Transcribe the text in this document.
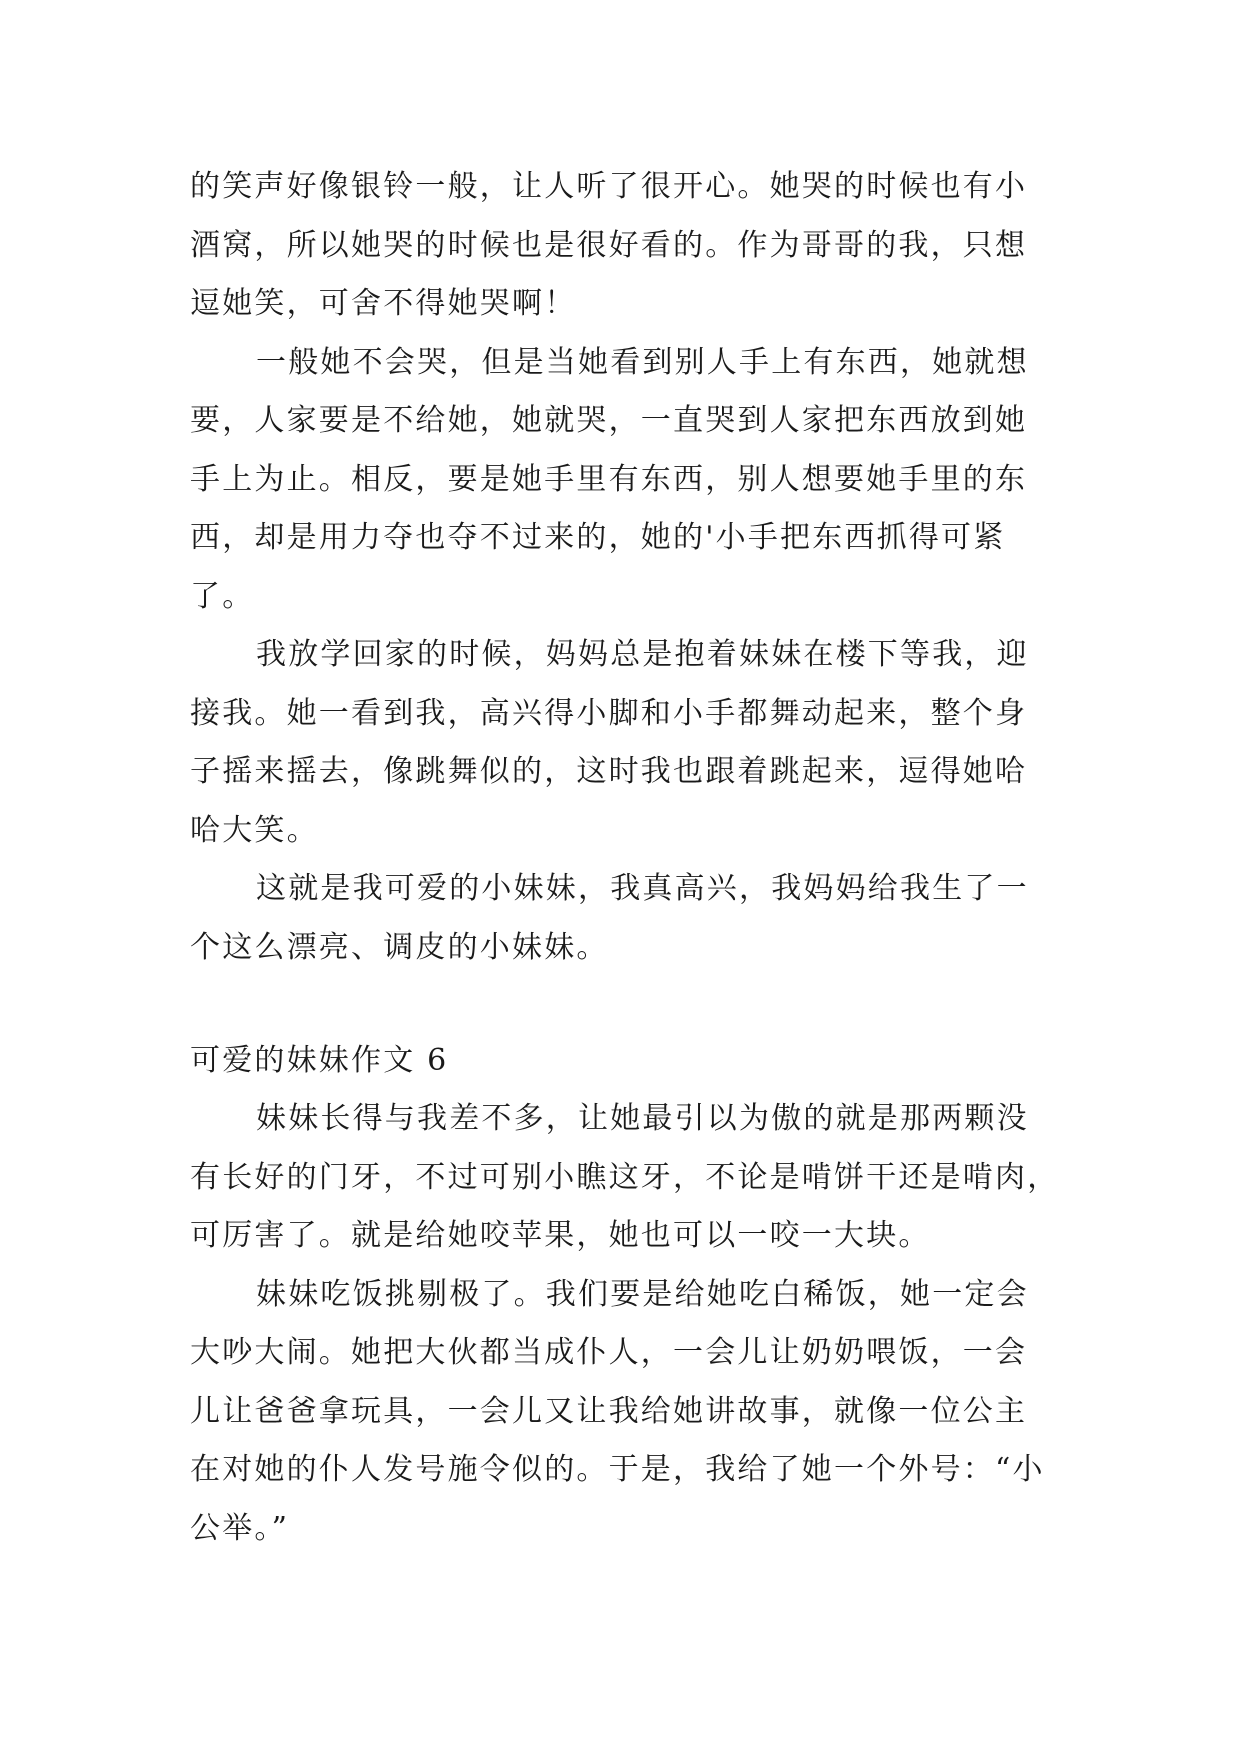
的笑声好像银铃一般，让人听了很开心。她哭的时候也有小
酒窝，所以她哭的时候也是很好看的。作为哥哥的我，只想
逗她笑，可舍不得她哭啊！
一般她不会哭，但是当她看到别人手上有东西，她就想
要，人家要是不给她，她就哭，一直哭到人家把东西放到她
手上为止。相反，要是她手里有东西，别人想要她手里的东
西，却是用力夺也夺不过来的，她的'小手把东西抓得可紧
了。
我放学回家的时候，妈妈总是抱着妹妹在楼下等我，迎
接我。她一看到我，高兴得小脚和小手都舞动起来，整个身
子摇来摇去，像跳舞似的，这时我也跟着跳起来，逗得她哈
哈大笑。
这就是我可爱的小妹妹，我真高兴，我妈妈给我生了一
个这么漂亮、调皮的小妹妹。
可爱的妹妹作文 6
妹妹长得与我差不多，让她最引以为傲的就是那两颗没
有长好的门牙，不过可别小瞧这牙，不论是啃饼干还是啃肉，
可厉害了。就是给她咬苹果，她也可以一咬一大块。
妹妹吃饭挑剔极了。我们要是给她吃白稀饭，她一定会
大吵大闹。她把大伙都当成仆人，一会儿让奶奶喂饭，一会
儿让爸爸拿玩具，一会儿又让我给她讲故事，就像一位公主
在对她的仆人发号施令似的。于是，我给了她一个外号：“小
公举。”
